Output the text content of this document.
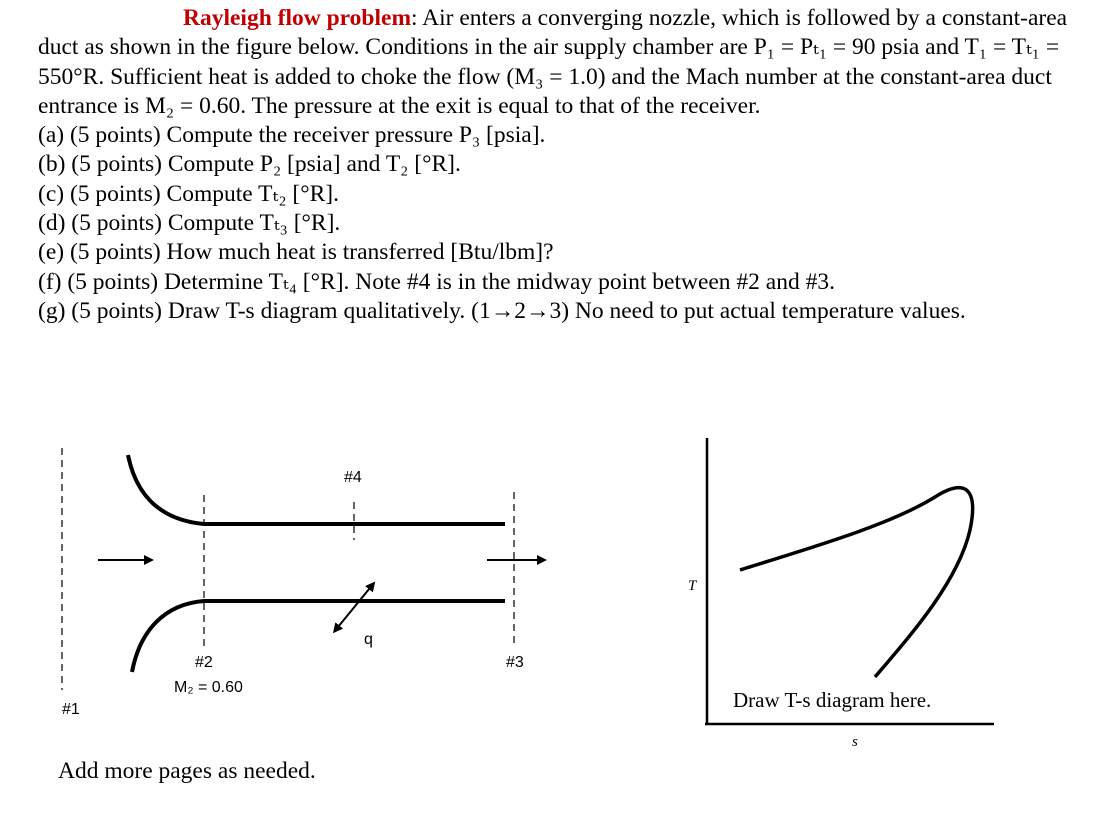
Rayleigh flow problem: Air enters a converging nozzle, which is followed by a constant-area duct as shown in the figure below. Conditions in the air supply chamber are P₁ = Pₜ₁ = 90 psia and T₁ = Tₜ₁ = 550°R. Sufficient heat is added to choke the flow (M₃ = 1.0) and the Mach number at the constant-area duct entrance is M₂ = 0.60. The pressure at the exit is equal to that of the receiver.

(a) (5 points) Compute the receiver pressure P₃ [psia].
(b) (5 points) Compute P₂ [psia] and T₂ [°R].
(c) (5 points) Compute Tₜ₂ [°R].
(d) (5 points) Compute Tₜ₃ [°R].
(e) (5 points) How much heat is transferred [Btu/lbm]?
(f) (5 points) Determine Tₜ₄ [°R]. Note #4 is in the midway point between #2 and #3.
(g) (5 points) Draw T-s diagram qualitatively. (1→2→3) No need to put actual temperature values.
#4
q
#2
M₂ = 0.60
#3
#1
T
s
Draw T-s diagram here.
Add more pages as needed.
